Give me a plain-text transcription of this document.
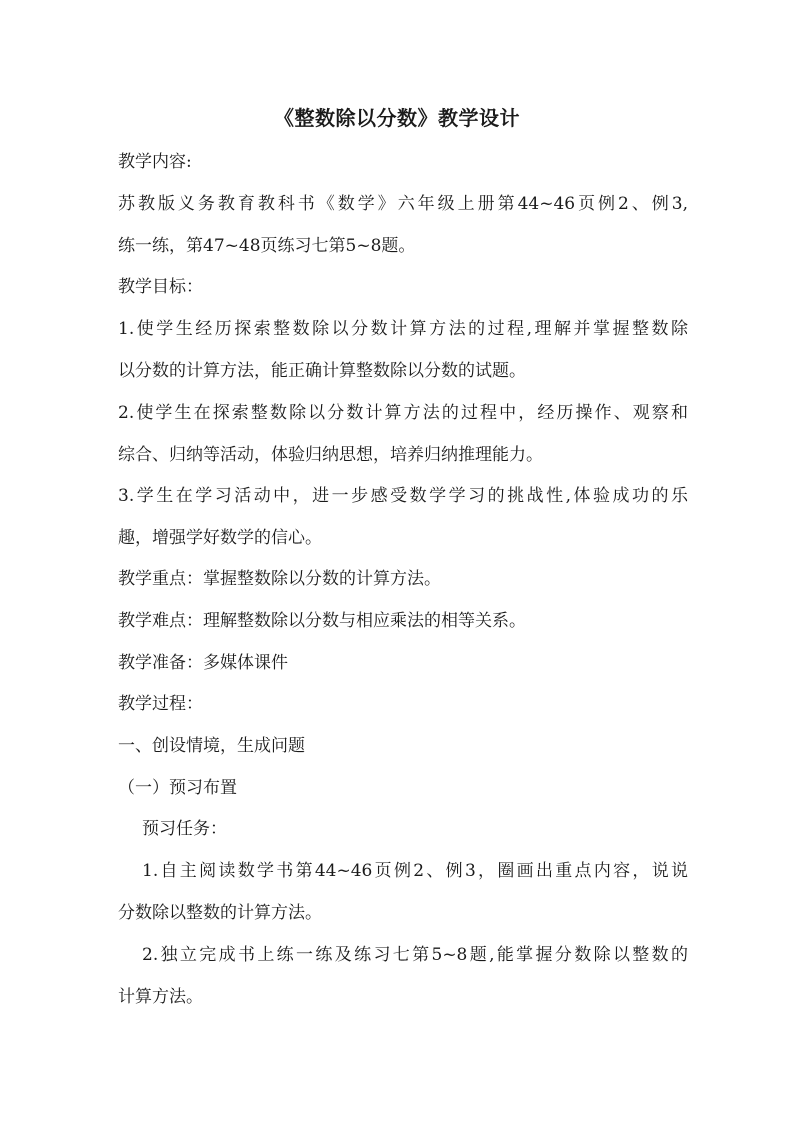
《整数除以分数》教学设计
教学内容:
苏教版义务教育教科书《数学》六年级上册第44~46页例2、例3,
练一练，第47~48页练习七第5~8题。
教学目标：
1.使学生经历探索整数除以分数计算方法的过程,理解并掌握整数除
以分数的计算方法，能正确计算整数除以分数的试题。
2.使学生在探索整数除以分数计算方法的过程中，经历操作、观察和
综合、归纳等活动，体验归纳思想，培养归纳推理能力。
3.学生在学习活动中，进一步感受数学学习的挑战性,体验成功的乐
趣，增强学好数学的信心。
教学重点：掌握整数除以分数的计算方法。
教学难点：理解整数除以分数与相应乘法的相等关系。
教学准备：多媒体课件
教学过程：
一、创设情境，生成问题
（一）预习布置
预习任务：
1.自主阅读数学书第44~46页例2、例3，圈画出重点内容，说说
分数除以整数的计算方法。
2.独立完成书上练一练及练习七第5~8题,能掌握分数除以整数的
计算方法。
